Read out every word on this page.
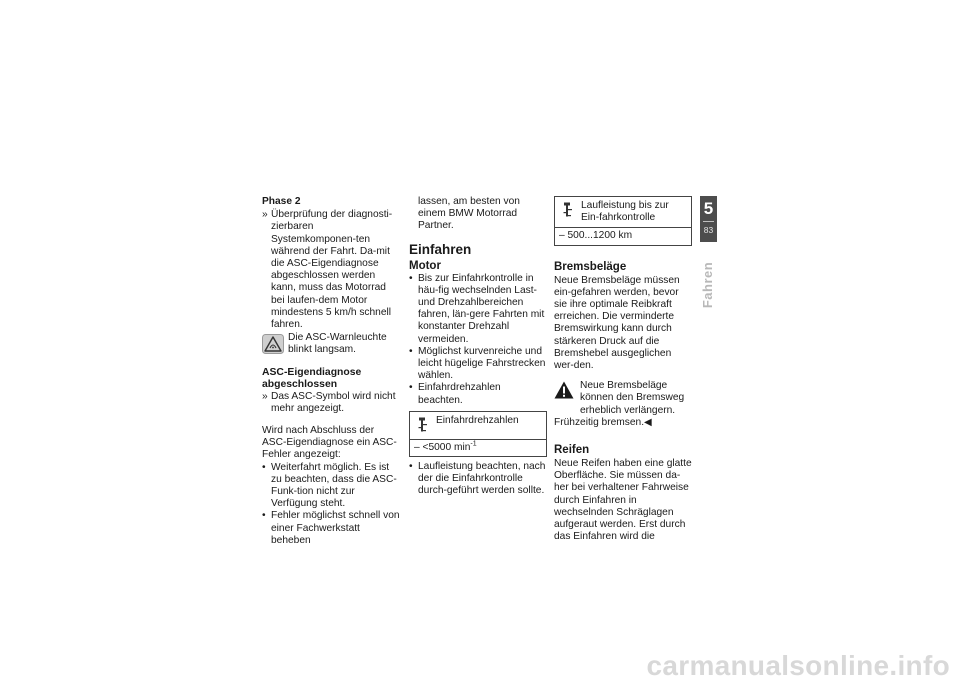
Phase 2
» Überprüfung der diagnosti-zierbaren Systemkomponen-ten während der Fahrt. Da-mit die ASC-Eigendiagnose abgeschlossen werden kann, muss das Motorrad bei laufen-dem Motor mindestens 5 km/h schnell fahren.
Die ASC-Warnleuchte blinkt langsam.
ASC-Eigendiagnose abgeschlossen
» Das ASC-Symbol wird nicht mehr angezeigt.

Wird nach Abschluss der ASC-Eigendiagnose ein ASC-Fehler angezeigt:

• Weiterfahrt möglich. Es ist zu beachten, dass die ASC-Funk-tion nicht zur Verfügung steht.
• Fehler möglichst schnell von einer Fachwerkstatt beheben
lassen, am besten von einem BMW Motorrad Partner.
Einfahren
Motor
• Bis zur Einfahrkontrolle in häu-fig wechselnden Last- und Drehzahlbereichen fahren, län-gere Fahrten mit konstanter Drehzahl vermeiden.
• Möglichst kurvenreiche und leicht hügelige Fahrstrecken wählen.
• Einfahrdrehzahlen beachten.
Einfahrdrehzahlen
– <5000 $\min^{-1}$
• Laufleistung beachten, nach der die Einfahrkontrolle durch-geführt werden sollte.
Laufleistung bis zur Ein-fahrkontrolle
– 500...1200 km
Bremsbeläge

Neue Bremsbeläge müssen ein-gefahren werden, bevor sie ihre optimale Reibkraft erreichen. Die verminderte Bremswirkung kann durch stärkeren Druck auf die Bremshebel ausgeglichen wer-den.

Neue Bremsbeläge können den Bremsweg erheblich verlängern.
Frühzeitig bremsen.◀
Reifen

Neue Reifen haben eine glatte Oberfläche. Sie müssen da-her bei verhaltener Fahrweise durch Einfahren in wechselnden Schräglagen aufgeraut werden. Erst durch das Einfahren wird die

5
83
Fahren
carmanualsonline.info
